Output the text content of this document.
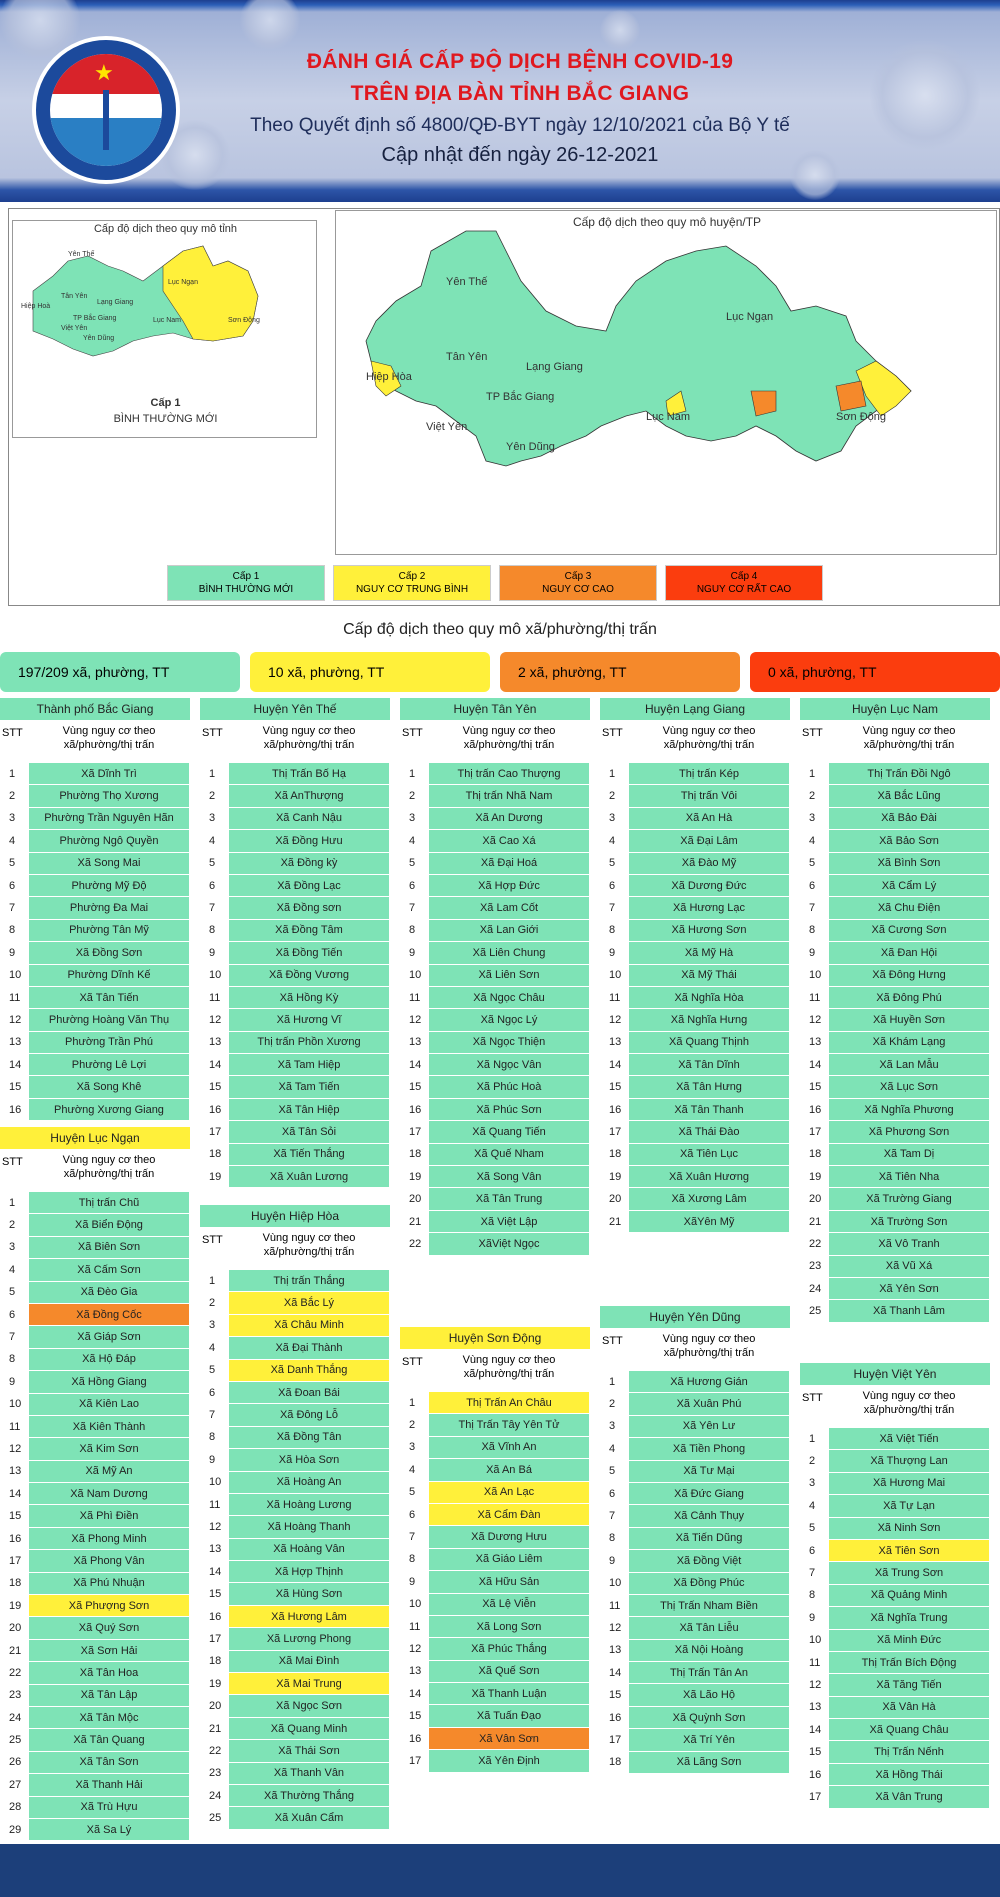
★	ĐÁNH GIÁ CẤP ĐỘ DỊCH BỆNH COVID-19
TRÊN ĐỊA BÀN TỈNH BẮC GIANG
Theo Quyết định số 4800/QĐ-BYT ngày 12/10/2021 của Bộ Y tế
Cập nhật đến ngày 26-12-2021
Cấp độ dịch theo quy mô tỉnh
Yên Thế
Lục Ngạn
Hiệp Hoà
Tân Yên
Lạng Giang
TP Bắc Giang
Yên Dũng
Việt Yên
Lục Nam	Sơn Động
Cấp 1
BÌNH THƯỜNG MỚI
Cấp độ dịch theo quy mô huyện/TP
Yên Thế
Tân Yên
Lạng Giang
Hiệp Hòa
TP Bắc Giang
Việt Yên
Yên Dũng
Lục Nam
Lục Ngạn
Sơn Động
Cấp 1
BÌNH THƯỜNG MỚI
Cấp 2
NGUY CƠ TRUNG BÌNH
Cấp 3
NGUY CƠ CAO
Cấp 4
NGUY CƠ RẤT CAO
Cấp độ dịch theo quy mô xã/phường/thị trấn
197/209 xã, phường, TT	10 xã, phường, TT	2 xã, phường, TT	0 xã, phường, TT
Thành phố Bắc Giang
STT	Vùng nguy cơ theo xã/phường/thị trấn
1	Xã Dĩnh Trì
2	Phường Thọ Xương
3	Phường Trần Nguyên Hãn
4	Phường Ngô Quyền
5	Xã Song Mai
6	Phường Mỹ Độ
7	Phường Đa Mai
8	Phường Tân Mỹ
9	Xã Đồng Sơn
10	Phường Dĩnh Kế
11	Xã Tân Tiến
12	Phường Hoàng Văn Thụ
13	Phường Trần Phú
14	Phường Lê Lợi
15	Xã Song Khê
16	Phường Xương Giang
Huyện Lục Ngạn
STT	Vùng nguy cơ theo xã/phường/thị trấn
1	Thị trấn Chũ
2	Xã Biển Động
3	Xã Biên Sơn
4	Xã Cấm Sơn
5	Xã Đèo Gia
6	Xã Đồng Cốc
7	Xã Giáp Sơn
8	Xã Hộ Đáp
9	Xã Hồng Giang
10	Xã Kiên Lao
11	Xã Kiên Thành
12	Xã Kim Sơn
13	Xã Mỹ An
14	Xã Nam Dương
15	Xã Phì Điền
16	Xã Phong Minh
17	Xã Phong Vân
18	Xã Phú Nhuận
19	Xã Phượng Sơn
20	Xã Quý Sơn
21	Xã Sơn Hải
22	Xã Tân Hoa
23	Xã Tân Lập
24	Xã Tân Mộc
25	Xã Tân Quang
26	Xã Tân Sơn
27	Xã Thanh Hải
28	Xã Trù Hựu
29	Xã Sa Lý
Huyện Yên Thế
STT	Vùng nguy cơ theo xã/phường/thị trấn
1	Thị Trấn Bố Hạ
2	Xã AnThượng
3	Xã Canh Nậu
4	Xã Đồng Hưu
5	Xã Đồng kỳ
6	Xã Đồng Lạc
7	Xã Đồng sơn
8	Xã Đồng Tâm
9	Xã Đồng Tiến
10	Xã Đồng Vương
11	Xã Hồng Kỳ
12	Xã Hương Vĩ
13	Thị trấn Phồn Xương
14	Xã Tam Hiệp
15	Xã Tam Tiến
16	Xã Tân Hiệp
17	Xã Tân Sỏi
18	Xã Tiến Thắng
19	Xã Xuân Lương
Huyện Hiệp Hòa
STT	Vùng nguy cơ theo xã/phường/thị trấn
1	Thị trấn Thắng
2	Xã Bắc Lý
3	Xã Châu Minh
4	Xã Đại Thành
5	Xã Danh Thắng
6	Xã Đoan Bái
7	Xã Đông Lỗ
8	Xã Đồng Tân
9	Xã Hòa Sơn
10	Xã Hoàng An
11	Xã Hoàng Lương
12	Xã Hoàng Thanh
13	Xã Hoàng Vân
14	Xã Hợp Thịnh
15	Xã Hùng Sơn
16	Xã Hương Lâm
17	Xã Lương Phong
18	Xã Mai Đình
19	Xã Mai Trung
20	Xã Ngọc Sơn
21	Xã Quang Minh
22	Xã Thái Sơn
23	Xã Thanh Vân
24	Xã Thường Thắng
25	Xã Xuân Cẩm
Huyện Tân Yên
STT	Vùng nguy cơ theo xã/phường/thị trấn
1	Thị trấn Cao Thượng
2	Thị trấn Nhã Nam
3	Xã An Dương
4	Xã Cao Xá
5	Xã Đại Hoá
6	Xã Hợp Đức
7	Xã Lam Cốt
8	Xã Lan Giới
9	Xã Liên Chung
10	Xã Liên Sơn
11	Xã Ngọc Châu
12	Xã Ngọc Lý
13	Xã Ngọc Thiện
14	Xã Ngọc Vân
15	Xã Phúc Hoà
16	Xã Phúc Sơn
17	Xã Quang Tiến
18	Xã Quế Nham
19	Xã Song Vân
20	Xã Tân Trung
21	Xã Việt Lập
22	XãViệt Ngọc
Huyện Sơn Động
STT	Vùng nguy cơ theo xã/phường/thị trấn
1	Thị Trấn An Châu
2	Thị Trấn Tây Yên Tử
3	Xã Vĩnh An
4	Xã An Bá
5	Xã An Lạc
6	Xã Cẩm Đàn
7	Xã Dương Hưu
8	Xã Giáo Liêm
9	Xã Hữu Sản
10	Xã Lệ Viễn
11	Xã Long Sơn
12	Xã Phúc Thắng
13	Xã Quế Sơn
14	Xã Thanh Luận
15	Xã Tuấn Đạo
16	Xã Vân Sơn
17	Xã Yên Định
Huyện Lạng Giang
STT	Vùng nguy cơ theo xã/phường/thị trấn
1	Thị trấn Kép
2	Thị trấn Vôi
3	Xã An Hà
4	Xã Đại Lâm
5	Xã Đào Mỹ
6	Xã Dương Đức
7	Xã Hương Lạc
8	Xã Hương Sơn
9	Xã Mỹ Hà
10	Xã Mỹ Thái
11	Xã Nghĩa Hòa
12	Xã Nghĩa Hưng
13	Xã Quang Thịnh
14	Xã Tân Dĩnh
15	Xã Tân Hưng
16	Xã Tân Thanh
17	Xã Thái Đào
18	Xã Tiên Lục
19	Xã Xuân Hương
20	Xã Xương Lâm
21	XãYên Mỹ
Huyện Yên Dũng
STT	Vùng nguy cơ theo xã/phường/thị trấn
1	Xã Hương Gián
2	Xã Xuân Phú
3	Xã Yên Lư
4	Xã Tiền Phong
5	Xã Tư Mại
6	Xã Đức Giang
7	Xã Cảnh Thụy
8	Xã Tiến Dũng
9	Xã Đồng Việt
10	Xã Đồng Phúc
11	Thị Trấn Nham Biền
12	Xã Tân Liễu
13	Xã Nội Hoàng
14	Thị Trấn Tân An
15	Xã Lão Hộ
16	Xã Quỳnh Sơn
17	Xã Trí Yên
18	Xã Lãng Sơn
Huyện Lục Nam
STT	Vùng nguy cơ theo xã/phường/thị trấn
1	Thị Trấn Đồi Ngô
2	Xã Bắc Lũng
3	Xã Bảo Đài
4	Xã Bảo Sơn
5	Xã Bình Sơn
6	Xã Cẩm Lý
7	Xã Chu Điện
8	Xã Cương Sơn
9	Xã Đan Hội
10	Xã Đông Hưng
11	Xã Đông Phú
12	Xã Huyền Sơn
13	Xã Khám Lạng
14	Xã Lan Mẫu
15	Xã Lục Sơn
16	Xã Nghĩa Phương
17	Xã Phương Sơn
18	Xã Tam Dị
19	Xã Tiên Nha
20	Xã Trường Giang
21	Xã Trường Sơn
22	Xã Vô Tranh
23	Xã Vũ Xá
24	Xã Yên Sơn
25	Xã Thanh Lâm
Huyện Việt Yên
STT	Vùng nguy cơ theo xã/phường/thị trấn
1	Xã Việt Tiến
2	Xã Thượng Lan
3	Xã Hương Mai
4	Xã Tự Lạn
5	Xã Ninh Sơn
6	Xã Tiên Sơn
7	Xã Trung Sơn
8	Xã Quảng Minh
9	Xã Nghĩa Trung
10	Xã Minh Đức
11	Thị Trấn Bích Động
12	Xã Tăng Tiến
13	Xã Vân Hà
14	Xã Quang Châu
15	Thị Trấn Nếnh
16	Xã Hồng Thái
17	Xã Vân Trung
